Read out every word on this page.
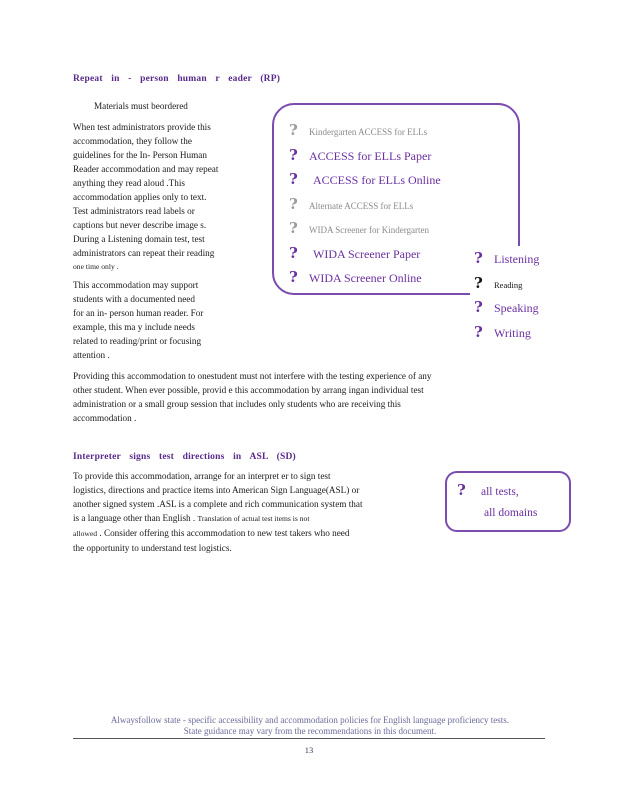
Repeat in - person human r eader (RP)
Materials must beordered
When test administrators provide this
accommodation, they follow the
guidelines for the In- Person Human
Reader accommodation and may repeat
anything they read aloud .This
accommodation applies only to text.
Test administrators read labels or
captions but never describe image s.
During a Listening domain test, test
administrators can repeat their reading
one time only .
This accommodation may support
students with a documented need
for an in- person human reader. For
example, this ma y include needs
related to reading/print or focusing
attention .
? Kindergarten ACCESS for ELLs
? ACCESS for ELLs Paper
? ACCESS for ELLs Online
? Alternate ACCESS for ELLs
? WIDA Screener for Kindergarten
? WIDA Screener Paper
? WIDA Screener Online
? Listening
? Reading
? Speaking
? Writing
Providing this accommodation to onestudent must not interfere with the testing experience of any
other student. When ever possible, provid e this accommodation by arrang ingan individual test
administration or a small group session that includes only students who are receiving this
accommodation .
Interpreter signs test directions in ASL (SD)
To provide this accommodation, arrange for an interpret er to sign test
logistics, directions and practice items into American Sign Language(ASL) or
another signed system .ASL is a complete and rich communication system that
is a language other than English . Translation of actual test items is not
allowed . Consider offering this accommodation to new test takers who need
the opportunity to understand test logistics.
? all tests,
all domains
Alwaysfollow state - specific accessibility and accommodation policies for English language proficiency tests.
State guidance may vary from the recommendations in this document.
13
